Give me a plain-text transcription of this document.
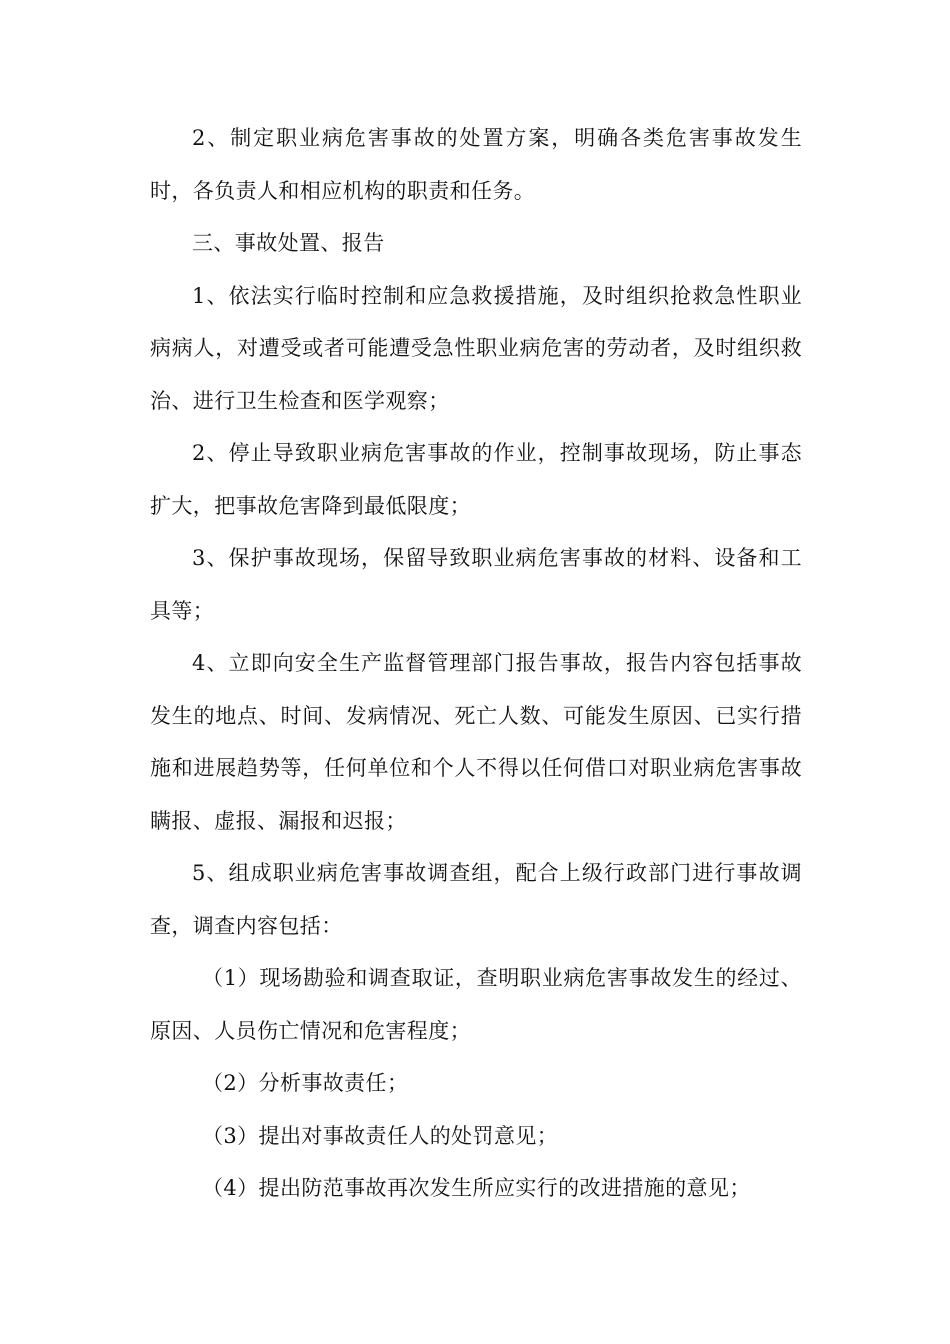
2、制定职业病危害事故的处置方案，明确各类危害事故发生时，各负责人和相应机构的职责和任务。

三、事故处置、报告

1、依法实行临时控制和应急救援措施，及时组织抢救急性职业病病人，对遭受或者可能遭受急性职业病危害的劳动者，及时组织救治、进行卫生检查和医学观察；

2、停止导致职业病危害事故的作业，控制事故现场，防止事态扩大，把事故危害降到最低限度；

3、保护事故现场，保留导致职业病危害事故的材料、设备和工具等；

4、立即向安全生产监督管理部门报告事故，报告内容包括事故发生的地点、时间、发病情况、死亡人数、可能发生原因、已实行措施和进展趋势等，任何单位和个人不得以任何借口对职业病危害事故瞒报、虚报、漏报和迟报；

5、组成职业病危害事故调查组，配合上级行政部门进行事故调查，调查内容包括：

（1）现场勘验和调查取证，查明职业病危害事故发生的经过、原因、人员伤亡情况和危害程度；

（2）分析事故责任；

（3）提出对事故责任人的处罚意见；

（4）提出防范事故再次发生所应实行的改进措施的意见；
